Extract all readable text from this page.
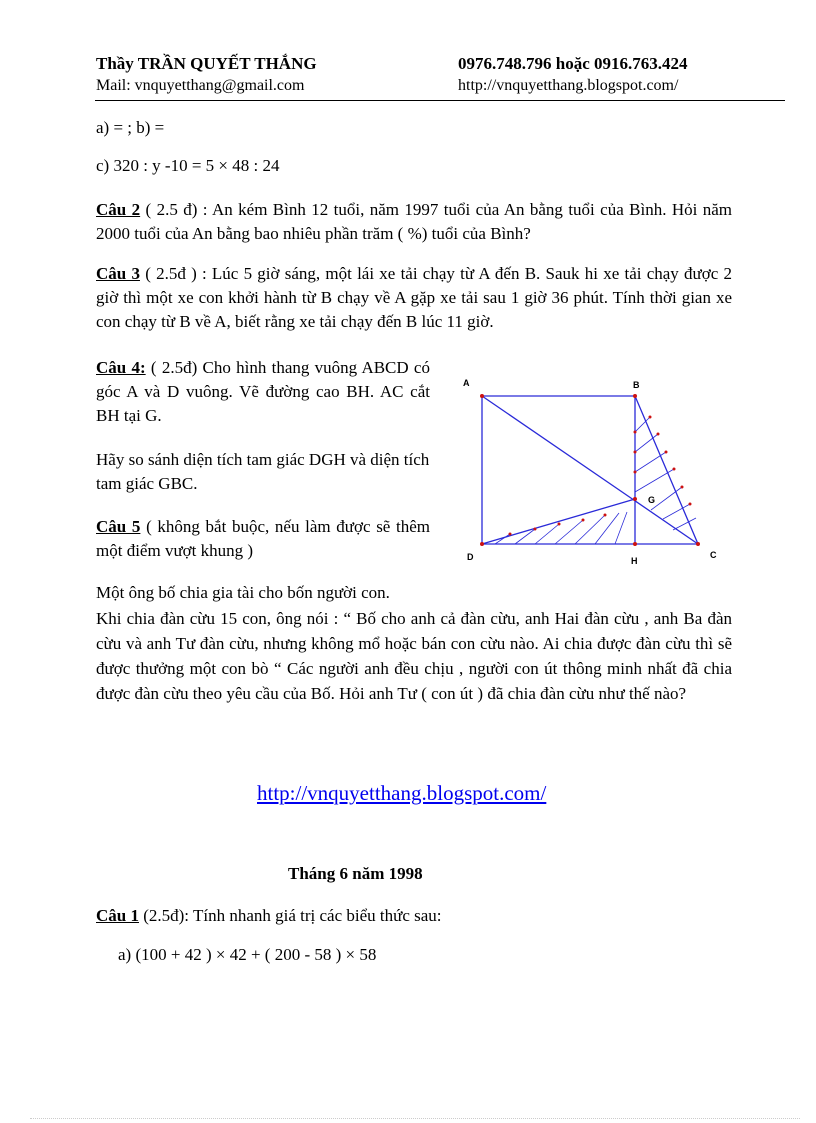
Thầy TRẦN QUYẾT THẮNG	0976.748.796 hoặc 0916.763.424
Mail: vnquyetthang@gmail.com	http://vnquyetthang.blogspot.com/
a) = ; b) =
c) 320 : y -10 = 5 × 48 : 24
Câu 2 ( 2.5 đ) : An kém Bình 12 tuổi, năm 1997 tuổi của An bằng tuổi của Bình. Hỏi năm 2000 tuổi của An bằng bao nhiêu phần trăm ( %) tuổi của Bình?
Câu 3 ( 2.5đ ) : Lúc 5 giờ sáng, một lái xe tải chạy từ A đến B. Sauk hi xe tải chạy được 2 giờ thì một xe con khởi hành từ B chạy về A gặp xe tải sau 1 giờ 36 phút. Tính thời gian xe con chạy từ B về A, biết rằng xe tải chạy đến B lúc 11 giờ.
Câu 4: ( 2.5đ) Cho hình thang vuông ABCD có góc A và D vuông. Vẽ đường cao BH. AC cắt BH tại G.
Hãy so sánh diện tích tam giác DGH và diện tích tam giác GBC.
Câu 5 ( không bắt buộc, nếu làm được sẽ thêm một điểm vượt khung )
Một ông bố chia gia tài cho bốn người con.
Khi chia đàn cừu 15 con, ông nói : “ Bố cho anh cả đàn cừu, anh Hai đàn cừu , anh Ba đàn cừu và anh Tư đàn cừu, nhưng không mổ hoặc bán con cừu nào. Ai chia được đàn cừu thì sẽ được thưởng một con bò “ Các người anh đều chịu , người con út thông minh nhất đã chia được đàn cừu theo yêu cầu của Bố. Hỏi anh Tư ( con út ) đã chia đàn cừu như thế nào?
A	B
C
D
G
H
http://vnquyetthang.blogspot.com/
Tháng 6 năm 1998
Câu 1 (2.5đ): Tính nhanh giá trị các biểu thức sau:
a) (100 + 42 ) × 42 + ( 200 - 58 ) × 58
